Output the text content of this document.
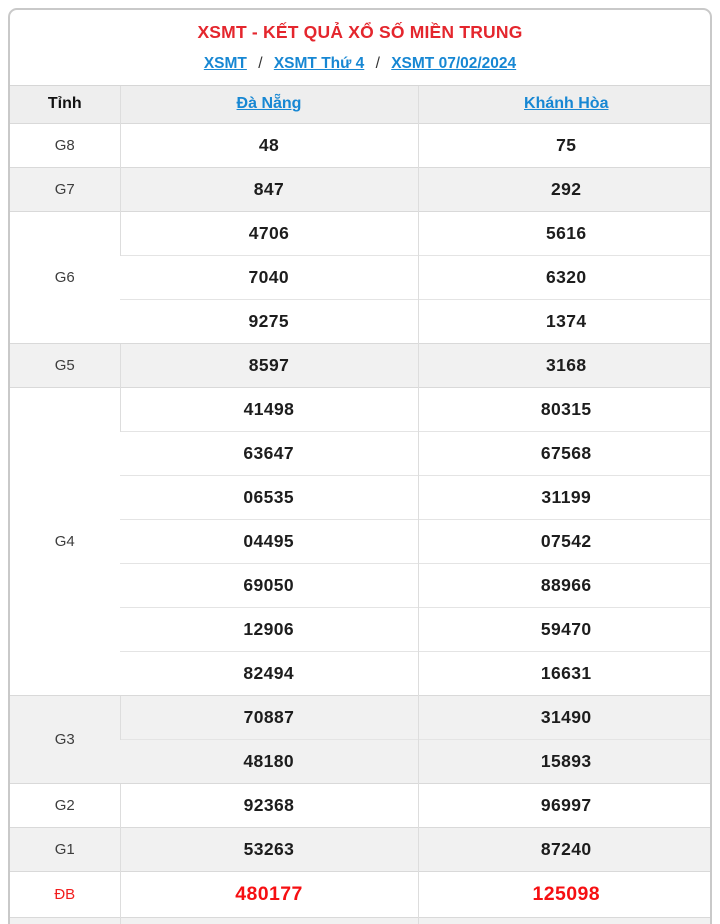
XSMT - KẾT QUẢ XỔ SỐ MIỀN TRUNG
XSMT / XSMT Thứ 4 / XSMT 07/02/2024
Tỉnh	Đà Nẵng	Khánh Hòa
G8	48	75
G7	847	292
G6	4706	5616
	7040	6320
	9275	1374
G5	8597	3168
G4	41498	80315
	63647	67568
	06535	31199
	04495	07542
	69050	88966
	12906	59470
	82494	16631
G3	70887	31490
	48180	15893
G2	92368	96997
G1	53263	87240
ĐB	480177	125098
